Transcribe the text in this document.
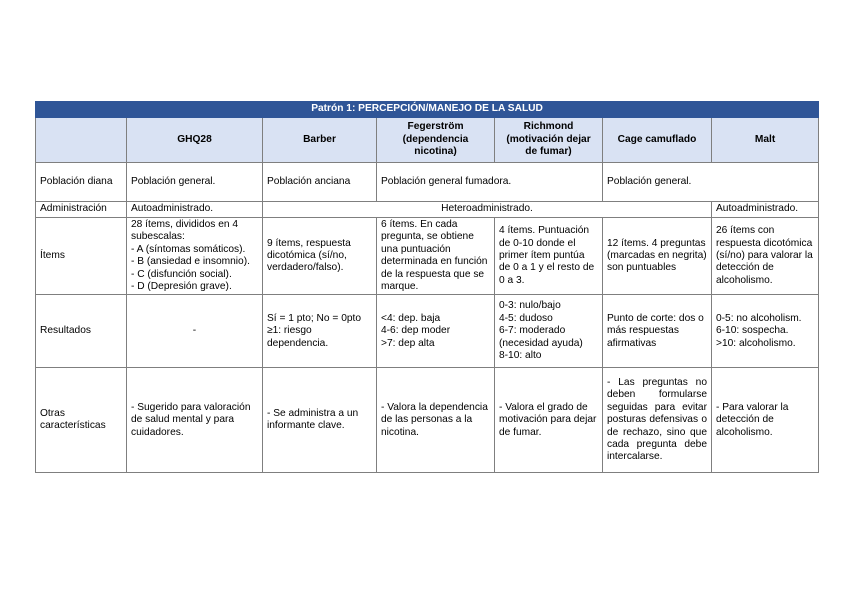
Patrón 1: PERCEPCIÓN/MANEJO DE LA SALUD						
	GHQ28	Barber	Fegerström (dependencia nicotina)	Richmond (motivación dejar de fumar)	Cage camuflado	Malt
Población diana	Población general.	Población anciana	Población general fumadora.		Población general.	
Administración	Autoadministrado.	Heteroadministrado.				Autoadministrado.
Ítems	28 ítems, divididos en 4 subescalas:
- A (síntomas somáticos).
- B (ansiedad e insomnio).
- C (disfunción social).
- D (Depresión grave).	9 ítems, respuesta dicotómica (sí/no, verdadero/falso).	6 ítems. En cada pregunta, se obtiene una puntuación determinada en función de la respuesta que se marque.	4 ítems. Puntuación de 0-10 donde el primer ítem puntúa de 0 a 1 y el resto de 0 a 3.	12 ítems. 4 preguntas (marcadas en negrita) son puntuables	26 ítems con respuesta dicotómica (sí/no) para valorar la detección de alcoholismo.
Resultados	-	Sí = 1 pto; No = 0pto
≥1: riesgo dependencia.	<4: dep. baja
4-6: dep moder
>7: dep alta	0-3: nulo/bajo
4-5: dudoso
6-7: moderado (necesidad ayuda)
8-10: alto	Punto de corte: dos o más respuestas afirmativas	0-5: no alcoholism.
6-10: sospecha.
>10: alcoholismo.

Otras características	- Sugerido para valoración de salud mental y para cuidadores.	- Se administra a un informante clave.	- Valora la dependencia de las personas a la nicotina.	- Valora el grado de motivación para dejar de fumar.	- Las preguntas no deben formularse seguidas para evitar posturas defensivas o de rechazo, sino que cada pregunta debe intercalarse.	- Para valorar la detección de alcoholismo.
